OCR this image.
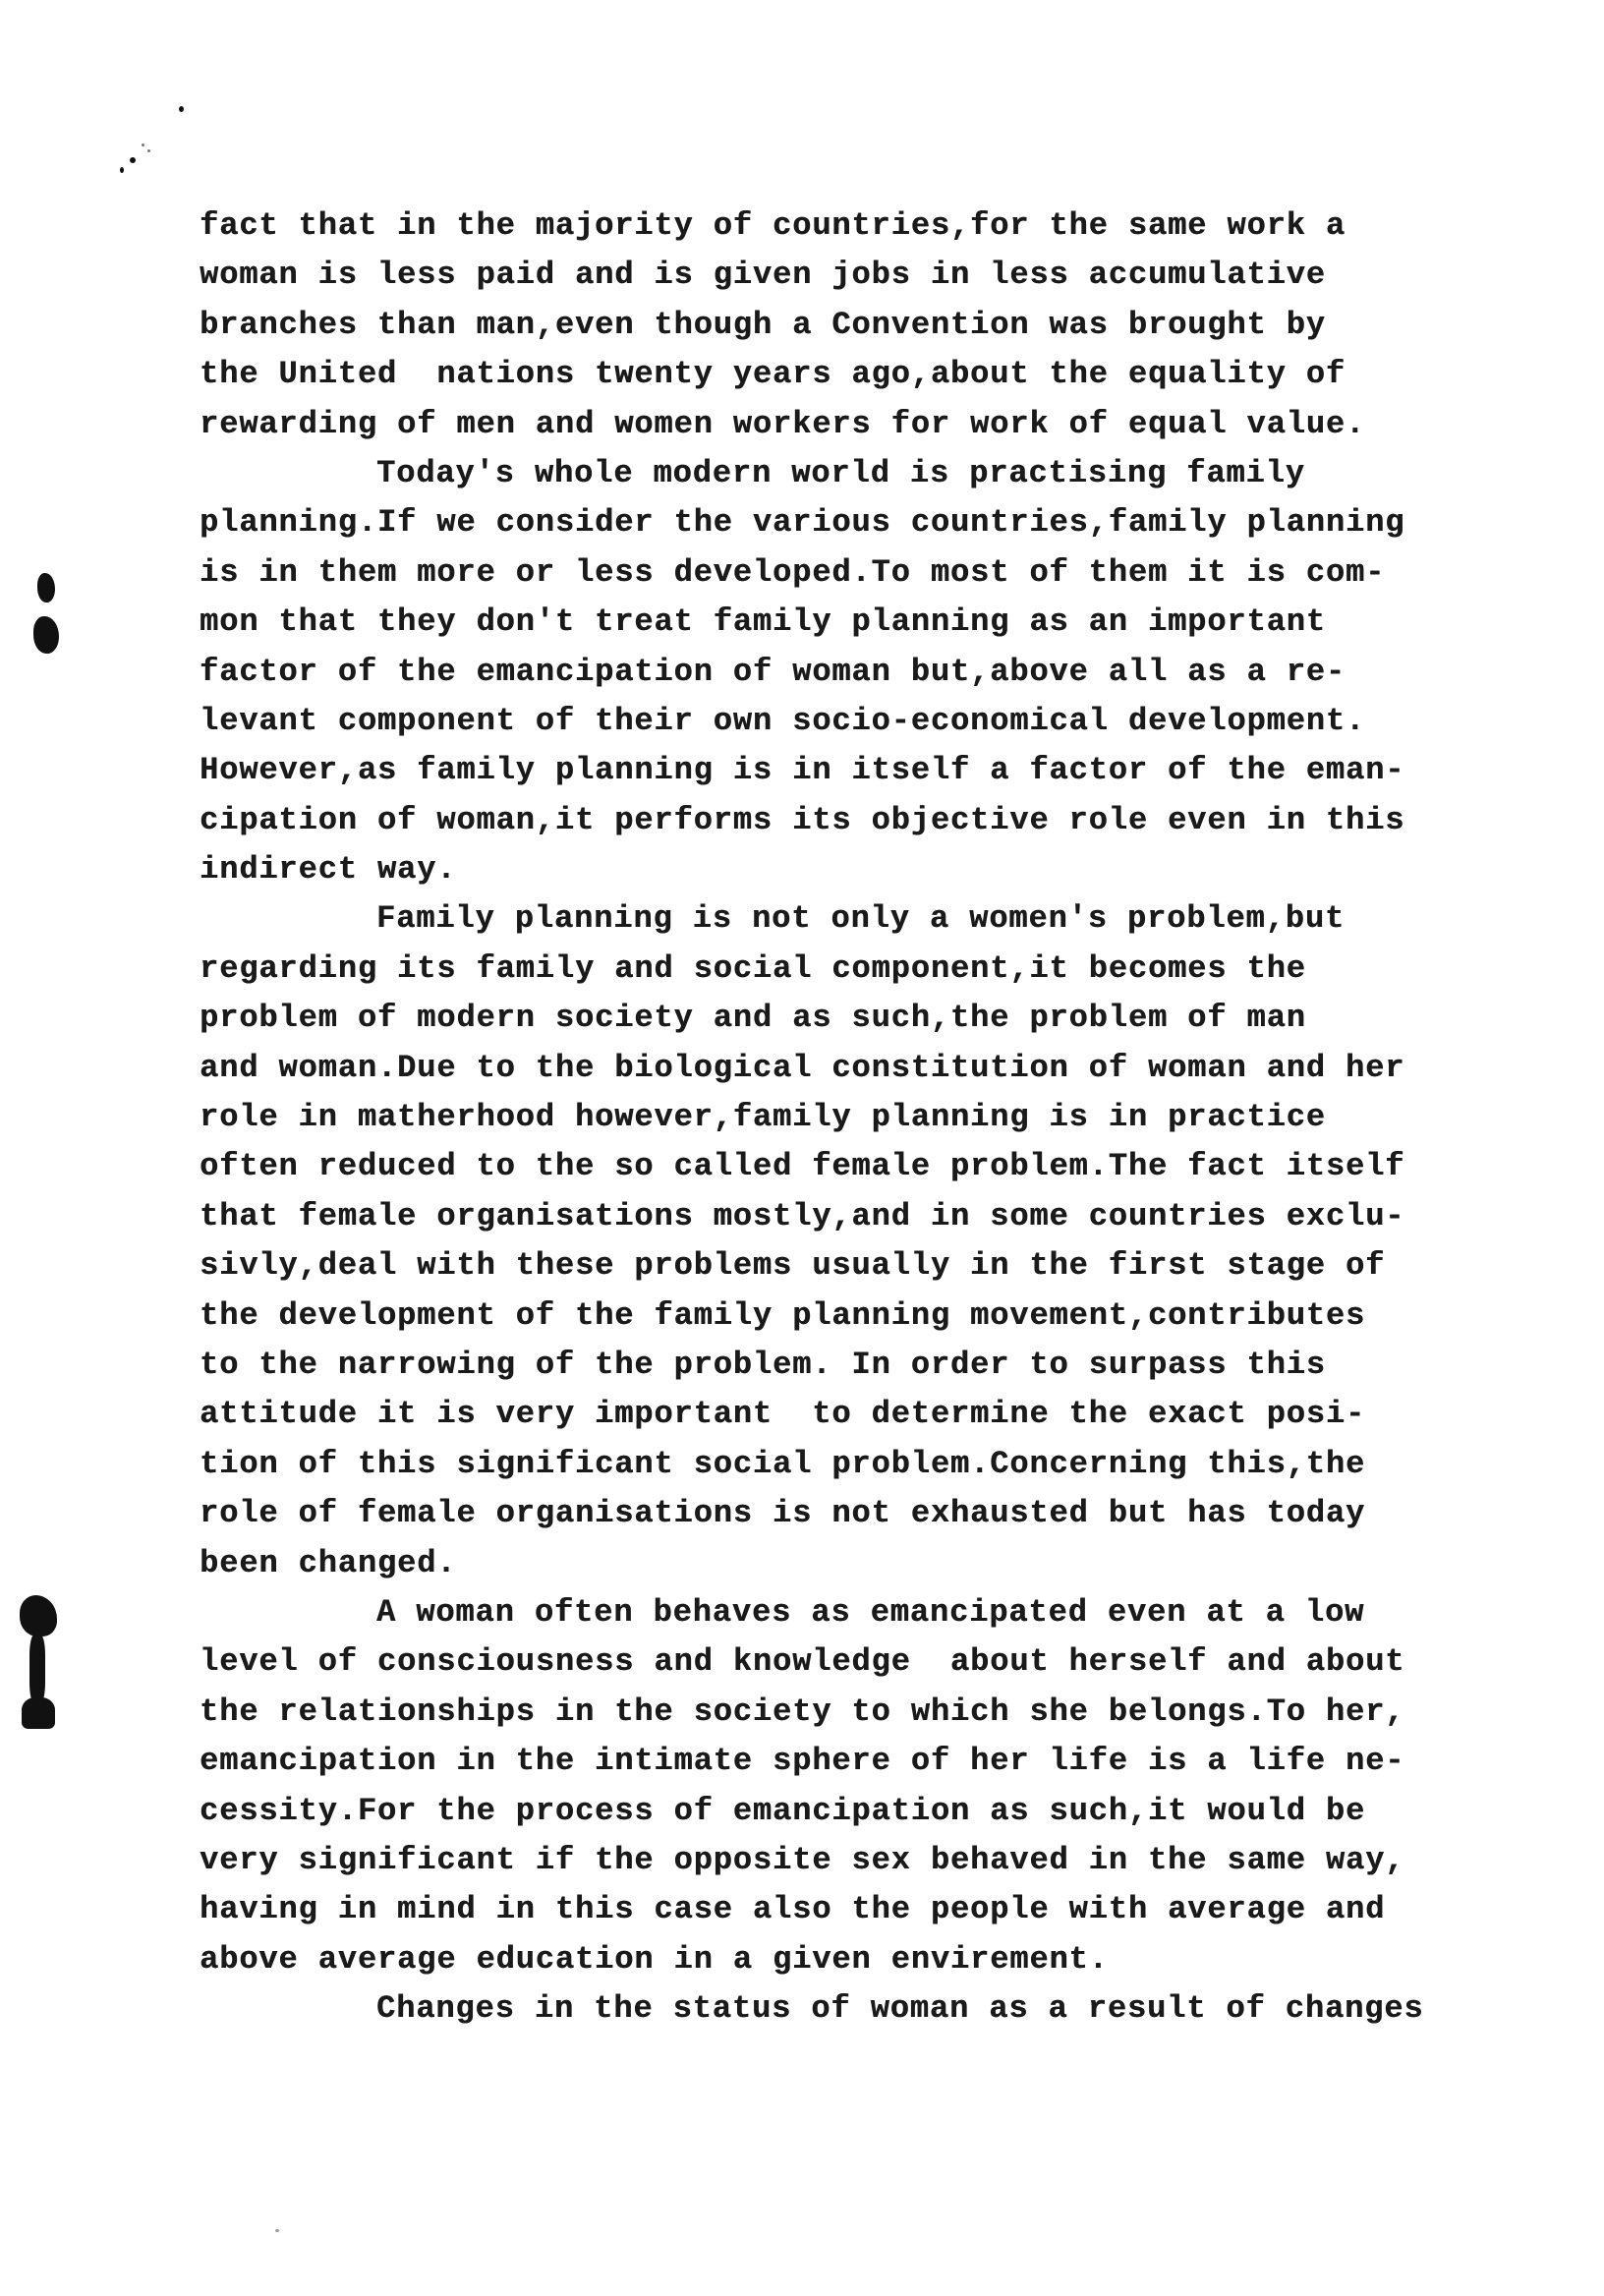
fact that in the majority of countries,for the same work a
woman is less paid and is given jobs in less accumulative
branches than man,even though a Convention was brought by
the United  nations twenty years ago,about the equality of
rewarding of men and women workers for work of equal value.
Today's whole modern world is practising family
planning.If we consider the various countries,family planning
is in them more or less developed.To most of them it is com-
mon that they don't treat family planning as an important
factor of the emancipation of woman but,above all as a re-
levant component of their own socio-economical development.
However,as family planning is in itself a factor of the eman-
cipation of woman,it performs its objective role even in this
indirect way.
Family planning is not only a women's problem,but
regarding its family and social component,it becomes the
problem of modern society and as such,the problem of man
and woman.Due to the biological constitution of woman and her
role in matherhood however,family planning is in practice
often reduced to the so called female problem.The fact itself
that female organisations mostly,and in some countries exclu-
sivly,deal with these problems usually in the first stage of
the development of the family planning movement,contributes
to the narrowing of the problem. In order to surpass this
attitude it is very important  to determine the exact posi-
tion of this significant social problem.Concerning this,the
role of female organisations is not exhausted but has today
been changed.
A woman often behaves as emancipated even at a low
level of consciousness and knowledge  about herself and about
the relationships in the society to which she belongs.To her,
emancipation in the intimate sphere of her life is a life ne-
cessity.For the process of emancipation as such,it would be
very significant if the opposite sex behaved in the same way,
having in mind in this case also the people with average and
above average education in a given envirement.
Changes in the status of woman as a result of changes
